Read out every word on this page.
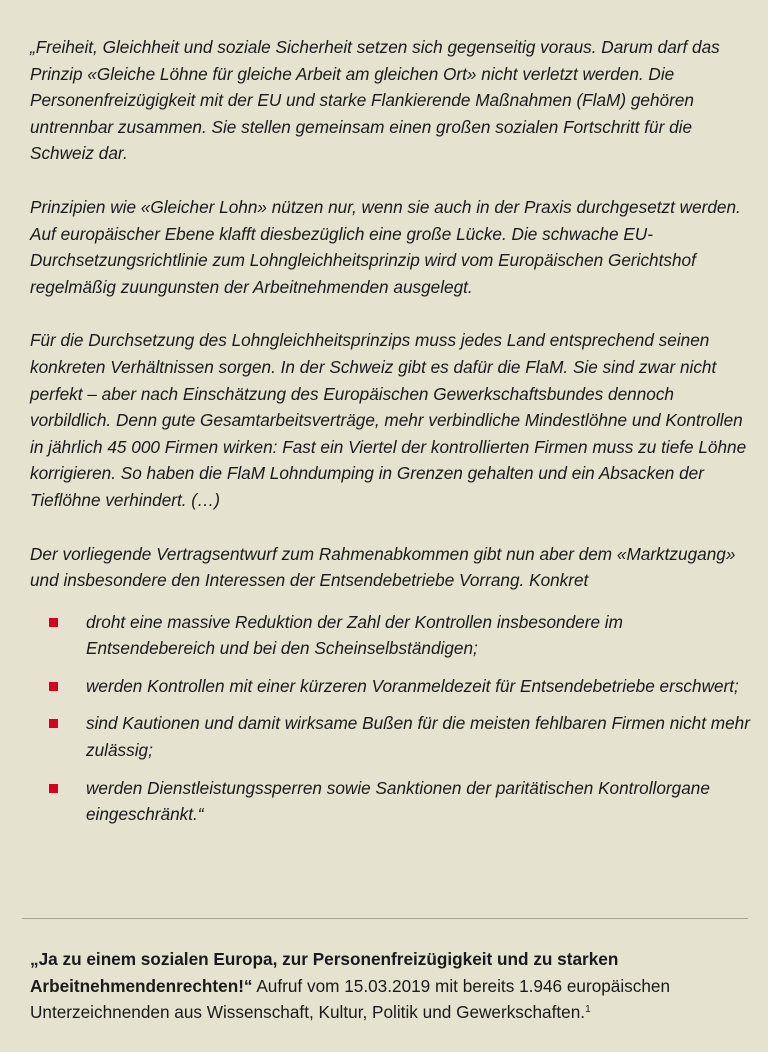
„Freiheit, Gleichheit und soziale Sicherheit setzen sich gegenseitig voraus. Darum darf das Prinzip «Gleiche Löhne für gleiche Arbeit am gleichen Ort» nicht verletzt werden. Die Personenfreizügigkeit mit der EU und starke Flankierende Maßnahmen (FlaM) gehören untrennbar zusammen. Sie stellen gemeinsam einen großen sozialen Fortschritt für die Schweiz dar.

Prinzipien wie «Gleicher Lohn» nützen nur, wenn sie auch in der Praxis durchgesetzt werden. Auf europäischer Ebene klafft diesbezüglich eine große Lücke. Die schwache EU-Durchsetzungsrichtlinie zum Lohngleichheitsprinzip wird vom Europäischen Gerichtshof regelmäßig zuungunsten der Arbeitnehmenden ausgelegt.

Für die Durchsetzung des Lohngleichheitsprinzips muss jedes Land entsprechend seinen konkreten Verhältnissen sorgen. In der Schweiz gibt es dafür die FlaM. Sie sind zwar nicht perfekt – aber nach Einschätzung des Europäischen Gewerkschaftsbundes dennoch vorbildlich. Denn gute Gesamtarbeitsverträge, mehr verbindliche Mindestlöhne und Kontrollen in jährlich 45 000 Firmen wirken: Fast ein Viertel der kontrollierten Firmen muss zu tiefe Löhne korrigieren. So haben die FlaM Lohndumping in Grenzen gehalten und ein Absacken der Tieflöhne verhindert. (…)

Der vorliegende Vertragsentwurf zum Rahmenabkommen gibt nun aber dem «Marktzugang» und insbesondere den Interessen der Entsendebetriebe Vorrang. Konkret

droht eine massive Reduktion der Zahl der Kontrollen insbesondere im Entsendebereich und bei den Scheinselbständigen;
werden Kontrollen mit einer kürzeren Voranmeldezeit für Entsendebetriebe erschwert;
sind Kautionen und damit wirksame Bußen für die meisten fehlbaren Firmen nicht mehr zulässig;
werden Dienstleistungssperren sowie Sanktionen der paritätischen Kontrollorgane eingeschränkt.“

„Ja zu einem sozialen Europa, zur Personenfreizügigkeit und zu starken Arbeitnehmendenrechten!“ Aufruf vom 15.03.2019 mit bereits 1.946 europäischen Unterzeichnenden aus Wissenschaft, Kultur, Politik und Gewerkschaften.$^1$
